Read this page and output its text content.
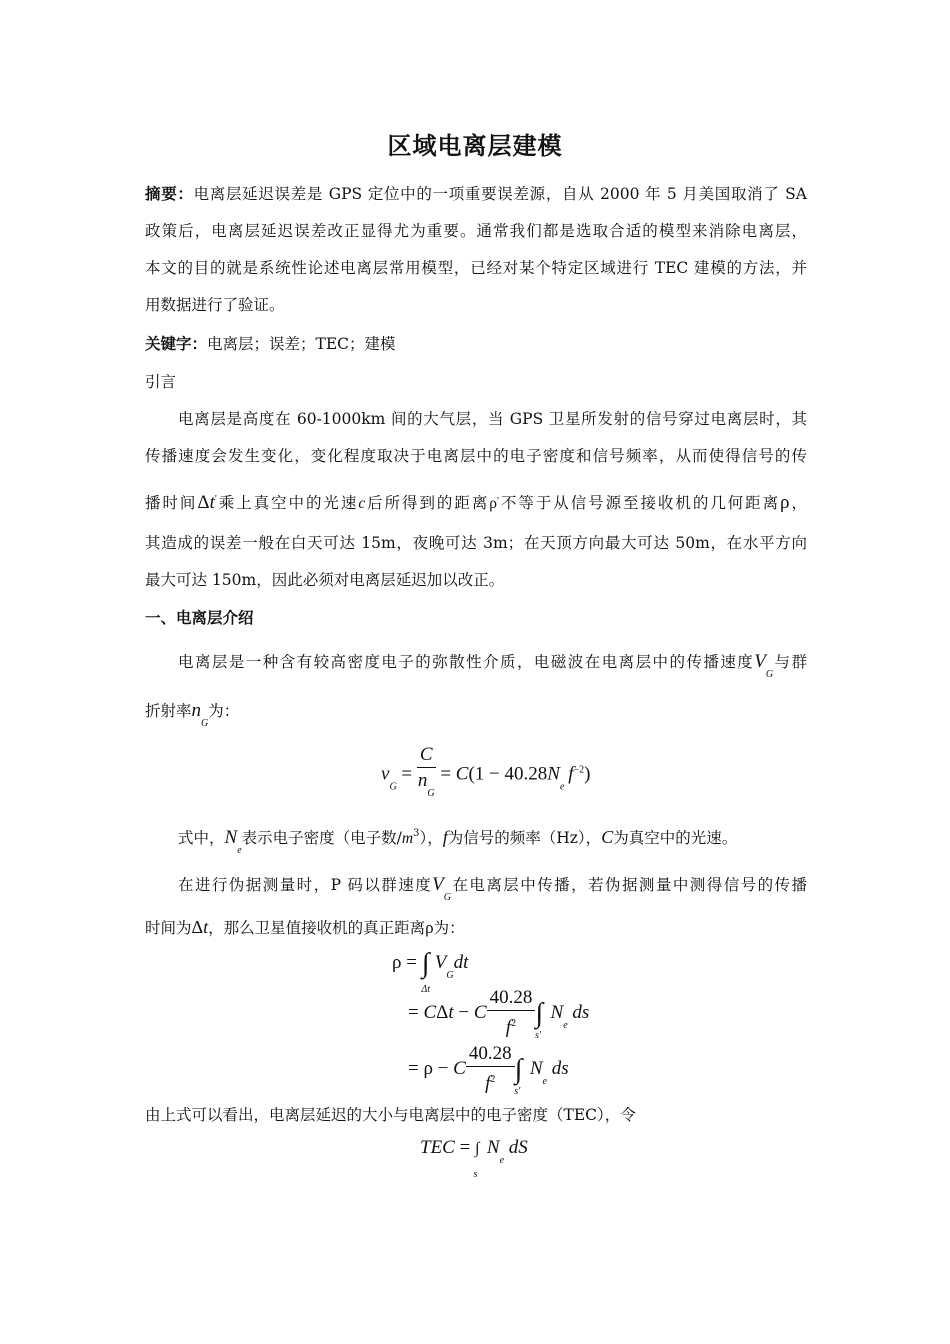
区域电离层建模
摘要：电离层延迟误差是 GPS 定位中的一项重要误差源，自从 2000 年 5 月美国取消了 SA
政策后，电离层延迟误差改正显得尤为重要。通常我们都是选取合适的模型来消除电离层，
本文的目的就是系统性论述电离层常用模型，已经对某个特定区域进行 TEC 建模的方法，并
用数据进行了验证。
关键字：电离层；误差；TEC；建模
引言
电离层是高度在 60-1000km 间的大气层，当 GPS 卫星所发射的信号穿过电离层时，其
传播速度会发生变化，变化程度取决于电离层中的电子密度和信号频率，从而使得信号的传
播时间Δt'乘上真空中的光速c后所得到的距离ρ'不等于从信号源至接收机的几何距离ρ，
其造成的误差一般在白天可达 15m，夜晚可达 3m；在天顶方向最大可达 50m，在水平方向
最大可达 150m，因此必须对电离层延迟加以改正。
一、电离层介绍
电离层是一种含有较高密度电子的弥散性介质，电磁波在电离层中的传播速度$V_G$与群
折射率$n_G$为：
$v_G = \frac{C}{n_G} = C(1 - 40.28N_e$ $f^{-2}$)
式中，$N_e$表示电子密度（电子数$/m^3$），f为信号的频率（Hz），C为真空中的光速。
在进行伪据测量时，P 码以群速度$V_G$在电离层中传播，若伪据测量中测得信号的传播
时间为Δt，那么卫星值接收机的真正距离ρ为：
$\rho = \int_{\Delta t}$ $V_Gdt$
= CΔt − C $\frac{40.28}{f^2} \int_{s'}$  $N_e$ ds
= ρ − C $\frac{40.28}{f^2} \int_{s'}$  $N_e$ ds
由上式可以看出，电离层延迟的大小与电离层中的电子密度（TEC），令
TEC = $\int_s$  $N_e$ dS
